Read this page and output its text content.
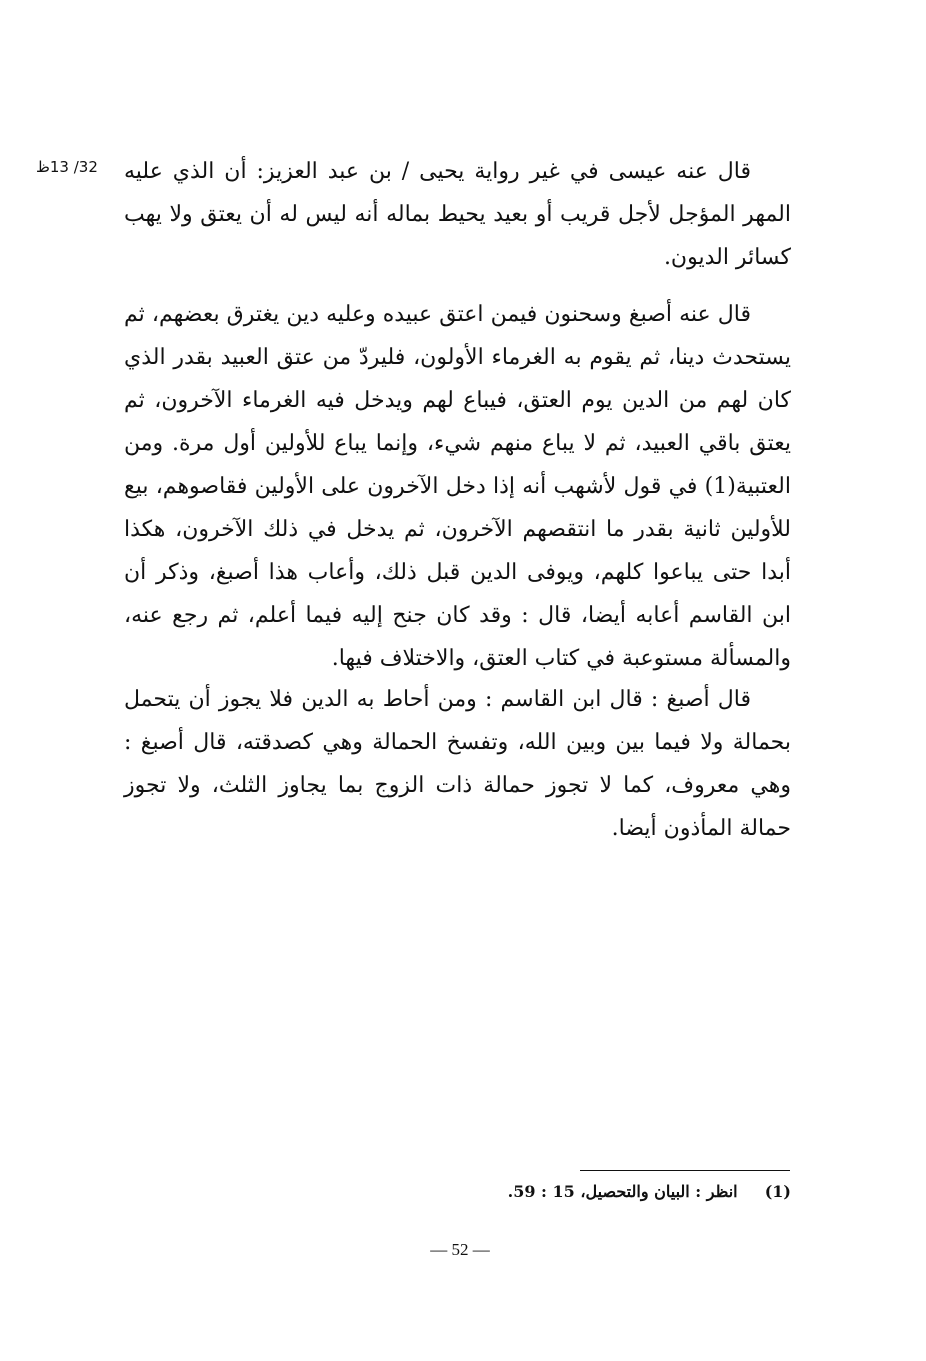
32/ 13ظ قال عنه عيسى في غير رواية يحيى / بن عبد العزيز: أن الذي عليه المهر المؤجل لأجل قريب أو بعيد يحيط بماله أنه ليس له أن يعتق ولا يهب كسائر الديون.

قال عنه أصبغ وسحنون فيمن اعتق عبيده وعليه دين يغترق بعضهم، ثم يستحدث دينا، ثم يقوم به الغرماء الأولون، فليردّ من عتق العبيد بقدر الذي كان لهم من الدين يوم العتق، فيباع لهم ويدخل فيه الغرماء الآخرون، ثم يعتق باقي العبيد، ثم لا يباع منهم شيء، وإنما يباع للأولين أول مرة. ومن العتبية(1) في قول لأشهب أنه إذا دخل الآخرون على الأولين فقاصوهم، بيع للأولين ثانية بقدر ما انتقصهم الآخرون، ثم يدخل في ذلك الآخرون، هكذا أبدا حتى يباعوا كلهم، ويوفى الدين قبل ذلك، وأعاب هذا أصبغ، وذكر أن ابن القاسم أعابه أيضا، قال : وقد كان جنح إليه فيما أعلم، ثم رجع عنه، والمسألة مستوعبة في كتاب العتق، والاختلاف فيها.

قال أصبغ : قال ابن القاسم : ومن أحاط به الدين فلا يجوز أن يتحمل بحمالة ولا فيما بين وبين الله، وتفسخ الحمالة وهي كصدقته، قال أصبغ : وهي معروف، كما لا تجوز حمالة ذات الزوج بما يجاوز الثلث، ولا تجوز حمالة المأذون أيضا.

(1) انظر : البيان والتحصيل، 15 : 59.
— 52 —
